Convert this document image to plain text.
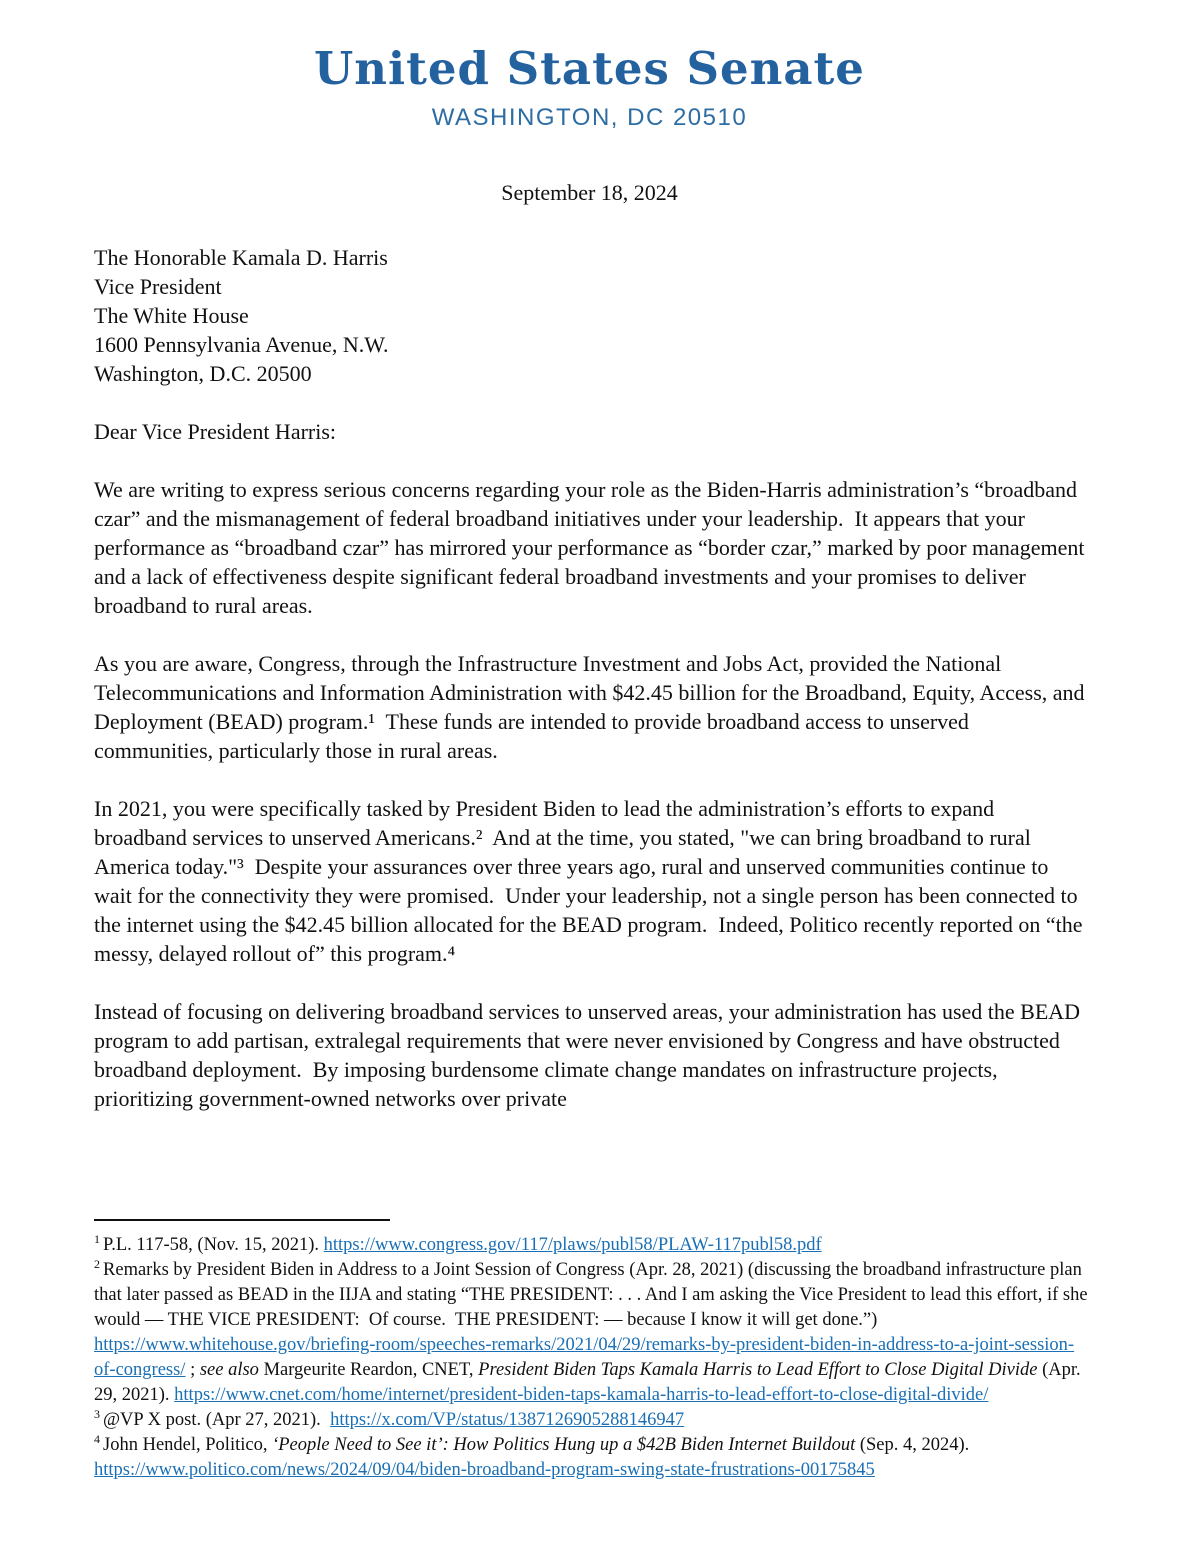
United States Senate
WASHINGTON, DC 20510
September 18, 2024
The Honorable Kamala D. Harris
Vice President
The White House
1600 Pennsylvania Avenue, N.W.
Washington, D.C. 20500
Dear Vice President Harris:
We are writing to express serious concerns regarding your role as the Biden-Harris administration’s “broadband czar” and the mismanagement of federal broadband initiatives under your leadership.  It appears that your performance as “broadband czar” has mirrored your performance as “border czar,” marked by poor management and a lack of effectiveness despite significant federal broadband investments and your promises to deliver broadband to rural areas.
As you are aware, Congress, through the Infrastructure Investment and Jobs Act, provided the National Telecommunications and Information Administration with $42.45 billion for the Broadband, Equity, Access, and Deployment (BEAD) program.¹  These funds are intended to provide broadband access to unserved communities, particularly those in rural areas.
In 2021, you were specifically tasked by President Biden to lead the administration’s efforts to expand broadband services to unserved Americans.²  And at the time, you stated, "we can bring broadband to rural America today."³  Despite your assurances over three years ago, rural and unserved communities continue to wait for the connectivity they were promised.  Under your leadership, not a single person has been connected to the internet using the $42.45 billion allocated for the BEAD program.  Indeed, Politico recently reported on “the messy, delayed rollout of” this program.⁴
Instead of focusing on delivering broadband services to unserved areas, your administration has used the BEAD program to add partisan, extralegal requirements that were never envisioned by Congress and have obstructed broadband deployment.  By imposing burdensome climate change mandates on infrastructure projects, prioritizing government-owned networks over private
$^1$ P.L. 117-58, (Nov. 15, 2021). https://www.congress.gov/117/plaws/publ58/PLAW-117publ58.pdf
$^2$ Remarks by President Biden in Address to a Joint Session of Congress (Apr. 28, 2021) (discussing the broadband infrastructure plan that later passed as BEAD in the IIJA and stating “THE PRESIDENT: . . . And I am asking the Vice President to lead this effort, if she would — THE VICE PRESIDENT:  Of course.  THE PRESIDENT: — because I know it will get done.”) https://www.whitehouse.gov/briefing-room/speeches-remarks/2021/04/29/remarks-by-president-biden-in-address-to-a-joint-session-of-congress/ ; see also Margeurite Reardon, CNET, President Biden Taps Kamala Harris to Lead Effort to Close Digital Divide (Apr. 29, 2021). https://www.cnet.com/home/internet/president-biden-taps-kamala-harris-to-lead-effort-to-close-digital-divide/
$^3$ @VP X post. (Apr 27, 2021).  https://x.com/VP/status/1387126905288146947
$^4$ John Hendel, Politico, ‘People Need to See it’: How Politics Hung up a $42B Biden Internet Buildout (Sep. 4, 2024). https://www.politico.com/news/2024/09/04/biden-broadband-program-swing-state-frustrations-00175845
